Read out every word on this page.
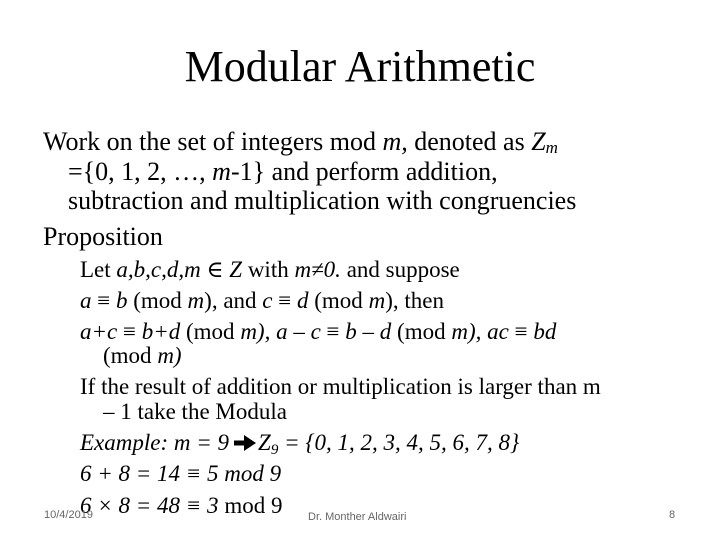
Modular Arithmetic
Work on the set of integers mod m, denoted as Zm
={0, 1, 2, …, m-1} and perform addition,
subtraction and multiplication with congruencies
Proposition
Let a,b,c,d,m ∈ Z with m≠0. and suppose
a ≡ b (mod m), and c ≡ d (mod m), then
a+c ≡ b+d (mod m), a – c ≡ b – d (mod m), ac ≡ bd
(mod m)
If the result of addition or multiplication is larger than m
– 1 take the Modula
Example: m = 9 Z9 = {0, 1, 2, 3, 4, 5, 6, 7, 8}
6 + 8 = 14 ≡ 5 mod 9
6 × 8 = 48 ≡ 3 mod 9
10/4/2019	Dr. Monther Aldwairi	8
